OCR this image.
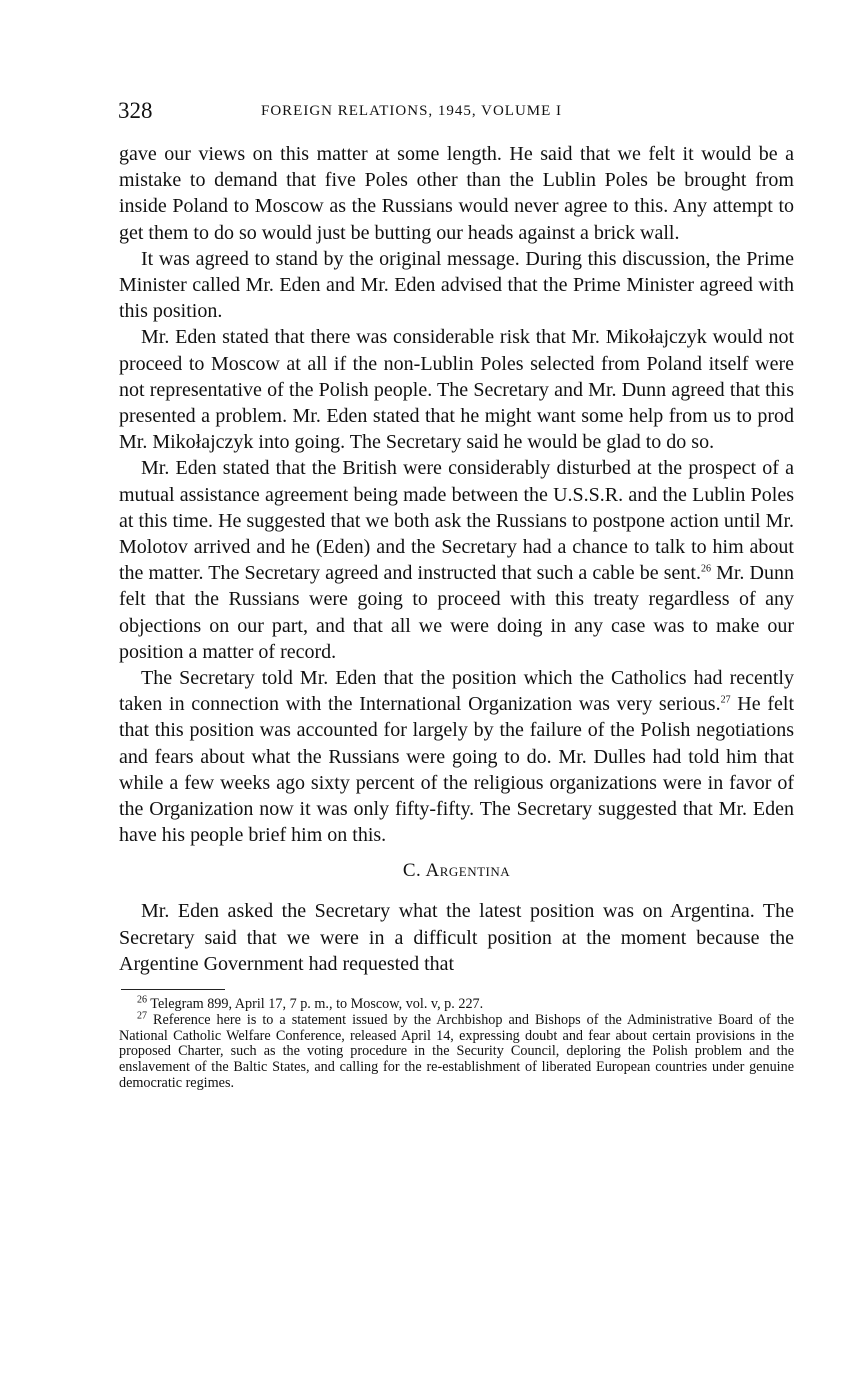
328	FOREIGN RELATIONS, 1945, VOLUME I

gave our views on this matter at some length. He said that we felt it would be a mistake to demand that five Poles other than the Lublin Poles be brought from inside Poland to Moscow as the Russians would never agree to this. Any attempt to get them to do so would just be butting our heads against a brick wall.

It was agreed to stand by the original message. During this discussion, the Prime Minister called Mr. Eden and Mr. Eden advised that the Prime Minister agreed with this position.

Mr. Eden stated that there was considerable risk that Mr. Mikołajczyk would not proceed to Moscow at all if the non-Lublin Poles selected from Poland itself were not representative of the Polish people. The Secretary and Mr. Dunn agreed that this presented a problem. Mr. Eden stated that he might want some help from us to prod Mr. Mikołajczyk into going. The Secretary said he would be glad to do so.

Mr. Eden stated that the British were considerably disturbed at the prospect of a mutual assistance agreement being made between the U.S.S.R. and the Lublin Poles at this time. He suggested that we both ask the Russians to postpone action until Mr. Molotov arrived and he (Eden) and the Secretary had a chance to talk to him about the matter. The Secretary agreed and instructed that such a cable be sent.$^{26}$ Mr. Dunn felt that the Russians were going to proceed with this treaty regardless of any objections on our part, and that all we were doing in any case was to make our position a matter of record.

The Secretary told Mr. Eden that the position which the Catholics had recently taken in connection with the International Organization was very serious.$^{27}$ He felt that this position was accounted for largely by the failure of the Polish negotiations and fears about what the Russians were going to do. Mr. Dulles had told him that while a few weeks ago sixty percent of the religious organizations were in favor of the Organization now it was only fifty-fifty. The Secretary suggested that Mr. Eden have his people brief him on this.

C. Argentina

Mr. Eden asked the Secretary what the latest position was on Argentina. The Secretary said that we were in a difficult position at the moment because the Argentine Government had requested that

$^{26}$ Telegram 899, April 17, 7 p. m., to Moscow, vol. v, p. 227.

$^{27}$ Reference here is to a statement issued by the Archbishop and Bishops of the Administrative Board of the National Catholic Welfare Conference, released April 14, expressing doubt and fear about certain provisions in the proposed Charter, such as the voting procedure in the Security Council, deploring the Polish problem and the enslavement of the Baltic States, and calling for the re-establishment of liberated European countries under genuine democratic regimes.
